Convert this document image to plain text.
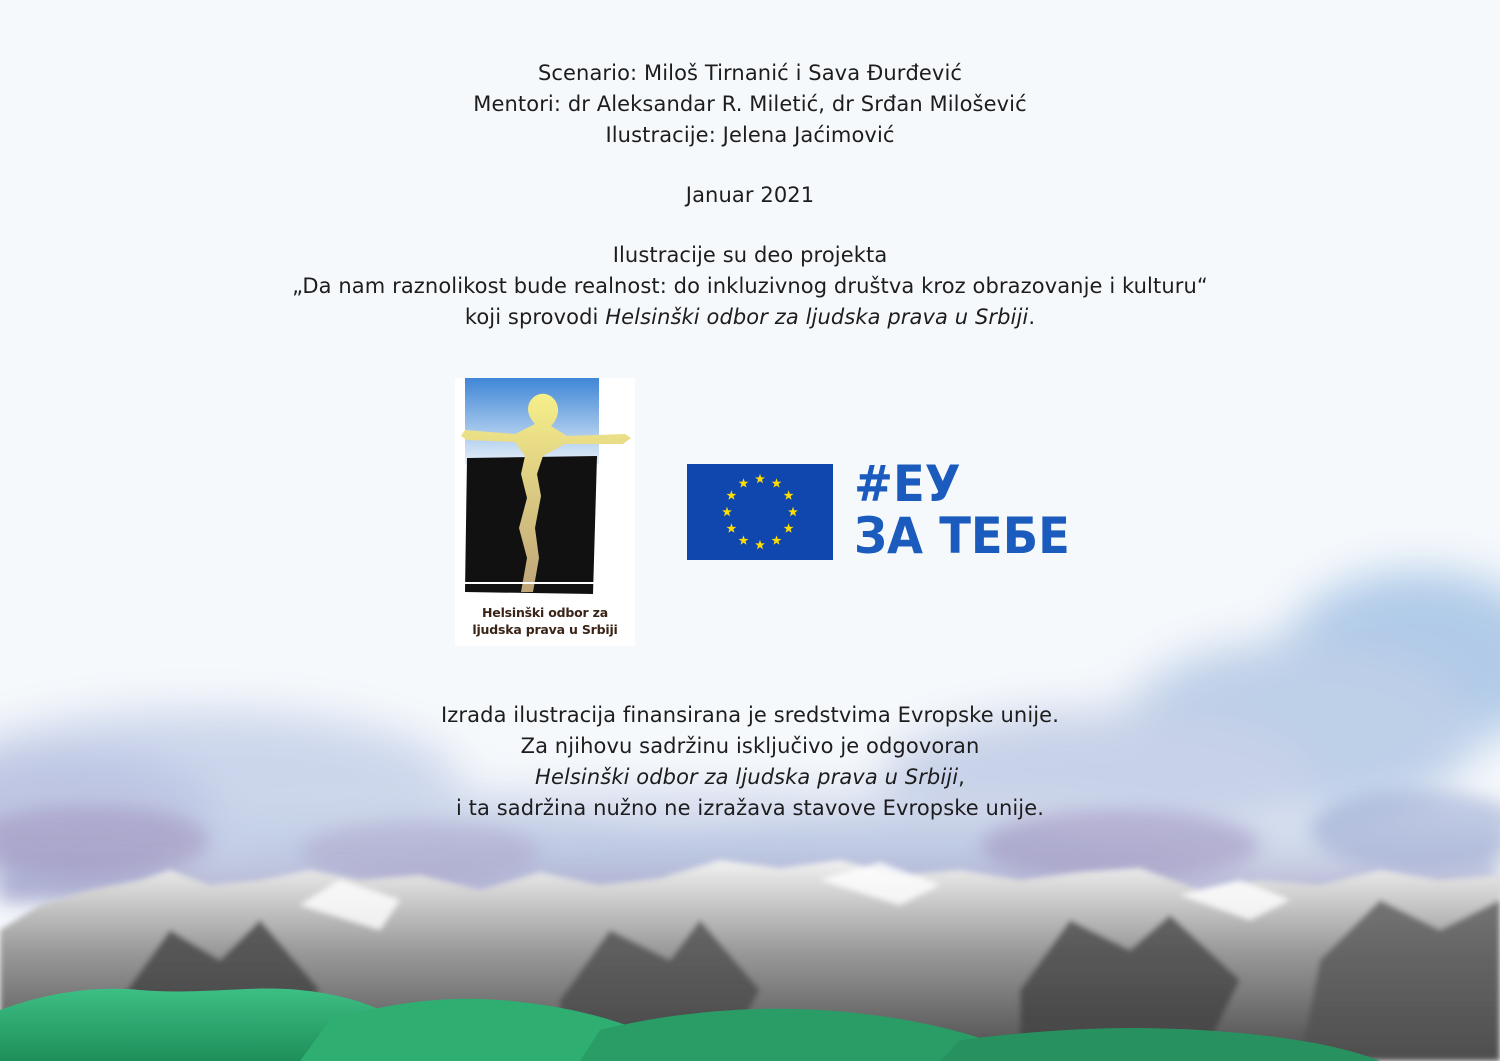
Scenario: Miloš Tirnanić i Sava Đurđević
Mentori: dr Aleksandar R. Miletić, dr Srđan Milošević
Ilustracije: Jelena Jaćimović
Januar 2021
Ilustracije su deo projekta
„Da nam raznolikost bude realnost: do inkluzivnog društva kroz obrazovanje i kulturu“
koji sprovodi Helsinški odbor za ljudska prava u Srbiji.
Helsinški odbor za
ljudska prava u Srbiji
#ЕУ
ЗА ТЕБЕ
Izrada ilustracija finansirana je sredstvima Evropske unije.
Za njihovu sadržinu isključivo je odgovoran
Helsinški odbor za ljudska prava u Srbiji,
i ta sadržina nužno ne izražava stavove Evropske unije.
